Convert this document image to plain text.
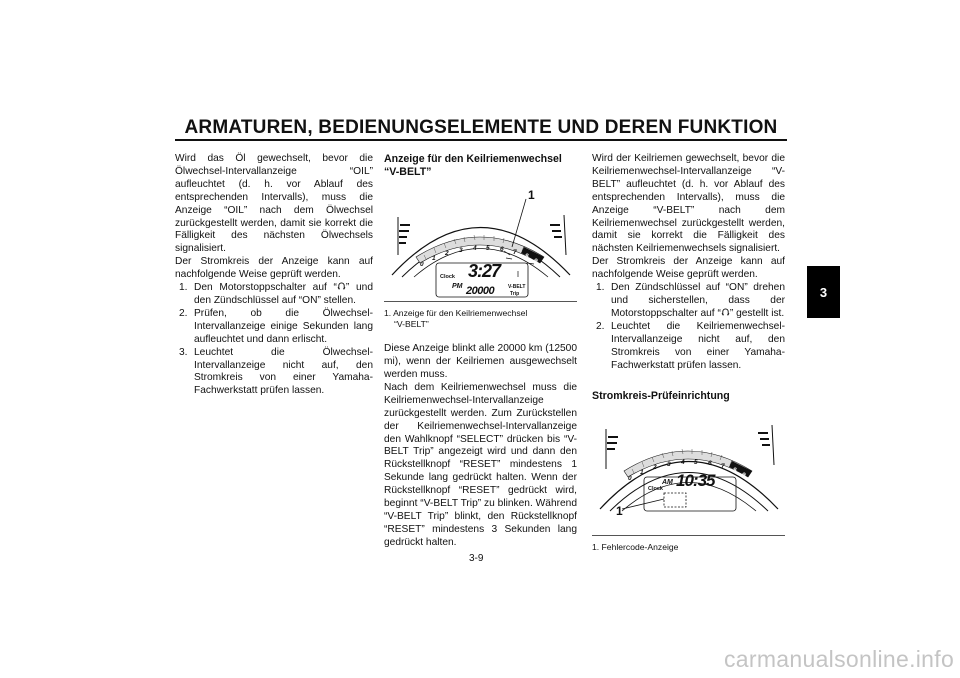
ARMATUREN, BEDIENUNGSELEMENTE UND DEREN FUNKTION
3

Wird das Öl gewechselt, bevor die Ölwechsel-Intervallanzeige “OIL” aufleuchtet (d. h. vor Ablauf des entsprechenden Intervalls), muss die Anzeige “OIL” nach dem Ölwechsel zurückgestellt werden, damit sie korrekt die Fälligkeit des nächsten Ölwechsels signalisiert.

Der Stromkreis der Anzeige kann auf nachfolgende Weise geprüft werden.

1. Den Motorstoppschalter auf “ ” und den Zündschlüssel auf “ON” stellen.
2. Prüfen, ob die Ölwechsel-Intervallanzeige einige Sekunden lang aufleuchtet und dann erlischt.
3. Leuchtet die Ölwechsel-Intervallanzeige nicht auf, den Stromkreis von einer Yamaha-Fachwerkstatt prüfen lassen.
Anzeige für den Keilriemenwechsel
“V-BELT”
1
0
1
2 3 4 5 6 7
8
9
Clock
PM
3:27
20000	V-BELT
Trip
1. Anzeige für den Keilriemenwechsel
“V-BELT”

Diese Anzeige blinkt alle 20000 km (12500 mi), wenn der Keilriemen ausgewechselt werden muss.

Nach dem Keilriemenwechsel muss die Keilriemenwechsel-Intervallanzeige zurückgestellt werden. Zum Zurückstellen der Keilriemenwechsel-Intervallanzeige den Wahlknopf “SELECT” drücken bis “V-BELT Trip” angezeigt wird und dann den Rückstellknopf “RESET” mindestens 1 Sekunde lang gedrückt halten. Wenn der Rückstellknopf “RESET” gedrückt wird, beginnt “V-BELT Trip” zu blinken. Während “V-BELT Trip” blinkt, den Rückstellknopf “RESET” mindestens 3 Sekunden lang gedrückt halten.

Wird der Keilriemen gewechselt, bevor die Keilriemenwechsel-Intervallanzeige “V-BELT” aufleuchtet (d. h. vor Ablauf des entsprechenden Intervalls), muss die Anzeige “V-BELT” nach dem Keilriemenwechsel zurückgestellt werden, damit sie korrekt die Fälligkeit des nächsten Keilriemenwechsels signalisiert.

Der Stromkreis der Anzeige kann auf nachfolgende Weise geprüft werden.

1. Den Zündschlüssel auf “ON” drehen und sicherstellen, dass der Motorstoppschalter auf “ ” gestellt ist.
2. Leuchtet die Keilriemenwechsel-Intervallanzeige nicht auf, den Stromkreis von einer Yamaha-Fachwerkstatt prüfen lassen.
Stromkreis-Prüfeinrichtung
1
0
1
2 3 4 5 6 7
8
9
Clock
AM 10:35
1. Fehlercode-Anzeige
3-9
carmanualsonline.info
